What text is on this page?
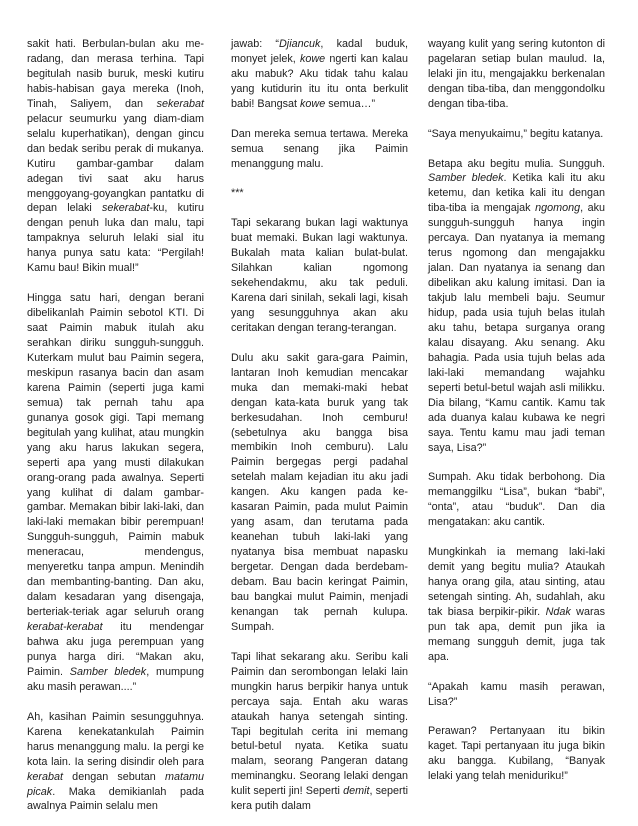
sakit hati. Berbulan-bulan aku meradang, dan merasa terhina. Tapi begitulah nasib buruk, meski kutiru habis-habisan gaya mereka (Inoh, Tinah, Saliyem, dan sekerabat pelacur seumurku yang diam-diam selalu kuperhatikan), dengan gincu dan bedak seribu perak di mukanya. Kutiru gambar-gambar dalam adegan tivi saat aku harus menggoyang-goyangkan pantatku di depan lelaki sekerabat-ku, kutiru dengan penuh luka dan malu, tapi tampaknya seluruh lelaki sial itu hanya punya satu kata: “Pergilah! Kamu bau! Bikin mual!”

Hingga satu hari, dengan berani dibelikanlah Paimin sebotol KTI. Di saat Paimin mabuk itulah aku serahkan diriku sungguh-sungguh. Kuterkam mulut bau Paimin segera, meskipun rasanya bacin dan asam karena Paimin (seperti juga kami semua) tak pernah tahu apa gunanya gosok gigi. Tapi memang begitulah yang kulihat, atau mungkin yang aku harus lakukan segera, seperti apa yang musti dilakukan orang-orang pada awalnya. Seperti yang kulihat di dalam gambar-gambar. Memakan bibir laki-laki, dan laki-laki memakan bibir perempuan! Sungguh-sungguh, Paimin mabuk meneracau, mendengus, menyeretku tanpa ampun. Menindih dan membanting-banting. Dan aku, dalam kesadaran yang disengaja, berteriak-teriak agar seluruh orang kerabat-kerabat itu mendengar bahwa aku juga perempuan yang punya harga diri. “Makan aku, Paimin. Samber bledek, mumpung aku masih perawan....”

Ah, kasihan Paimin sesungguhnya. Karena kenekatankulah Paimin harus menanggung malu. Ia pergi ke kota lain. Ia sering disindir oleh para kerabat dengan sebutan matamu picak. Maka demikianlah pada awalnya Paimin selalu men

jawab: “Djiancuk, kadal buduk, monyet jelek, kowe ngerti kan kalau aku mabuk? Aku tidak tahu kalau yang kutidurin itu itu onta berkulit babi! Bangsat kowe semua…”

Dan mereka semua tertawa. Mereka semua senang jika Paimin menanggung malu.

***

Tapi sekarang bukan lagi waktunya buat memaki. Bukan lagi waktunya. Bukalah mata kalian bulat-bulat. Silahkan kalian ngomong sekehendakmu, aku tak peduli. Karena dari sinilah, sekali lagi, kisah yang sesungguhnya akan aku ceritakan dengan terang-terangan.

Dulu aku sakit gara-gara Paimin, lantaran Inoh kemudian mencakar muka dan memaki-maki hebat dengan kata-kata buruk yang tak berkesudahan. Inoh cemburu! (sebetulnya aku bangga bisa membikin Inoh cemburu). Lalu Paimin bergegas pergi padahal setelah malam kejadian itu aku jadi kangen. Aku kangen pada kekasaran Paimin, pada mulut Paimin yang asam, dan terutama pada keanehan tubuh laki-laki yang nyatanya bisa membuat napasku bergetar. Dengan dada berdebam-debam. Bau bacin keringat Paimin, bau bangkai mulut Paimin, menjadi kenangan tak pernah kulupa. Sumpah.

Tapi lihat sekarang aku. Seribu kali Paimin dan serombongan lelaki lain mungkin harus berpikir hanya untuk percaya saja. Entah aku waras ataukah hanya setengah sinting. Tapi begitulah cerita ini memang betul-betul nyata. Ketika suatu malam, seorang Pangeran datang meminangku. Seorang lelaki dengan kulit seperti jin! Seperti demit, seperti kera putih dalam

wayang kulit yang sering kutonton di pagelaran setiap bulan maulud. Ia, lelaki jin itu, mengajakku berkenalan dengan tiba-tiba, dan menggondolku dengan tiba-tiba.

“Saya menyukaimu,” begitu katanya.

Betapa aku begitu mulia. Sungguh. Samber bledek. Ketika kali itu aku ketemu, dan ketika kali itu dengan tiba-tiba ia mengajak ngomong, aku sungguh-sungguh hanya ingin percaya. Dan nyatanya ia memang terus ngomong dan mengajakku jalan. Dan nyatanya ia senang dan dibelikan aku kalung imitasi. Dan ia takjub lalu membeli baju. Seumur hidup, pada usia tujuh belas itulah aku tahu, betapa surganya orang kalau disayang. Aku senang. Aku bahagia. Pada usia tujuh belas ada laki-laki memandang wajahku seperti betul-betul wajah asli milikku. Dia bilang, “Kamu cantik. Kamu tak ada duanya kalau kubawa ke negri saya. Tentu kamu mau jadi teman saya, Lisa?”

Sumpah. Aku tidak berbohong. Dia memanggilku “Lisa”, bukan “babi”, “onta”, atau “buduk”. Dan dia mengatakan: aku cantik.

Mungkinkah ia memang laki-laki demit yang begitu mulia? Ataukah hanya orang gila, atau sinting, atau setengah sinting. Ah, sudahlah, aku tak biasa berpikir-pikir. Ndak waras pun tak apa, demit pun jika ia memang sungguh demit, juga tak apa.

“Apakah kamu masih perawan, Lisa?”

Perawan? Pertanyaan itu bikin kaget. Tapi pertanyaan itu juga bikin aku bangga. Kubilang, “Banyak lelaki yang telah meniduriku!”
